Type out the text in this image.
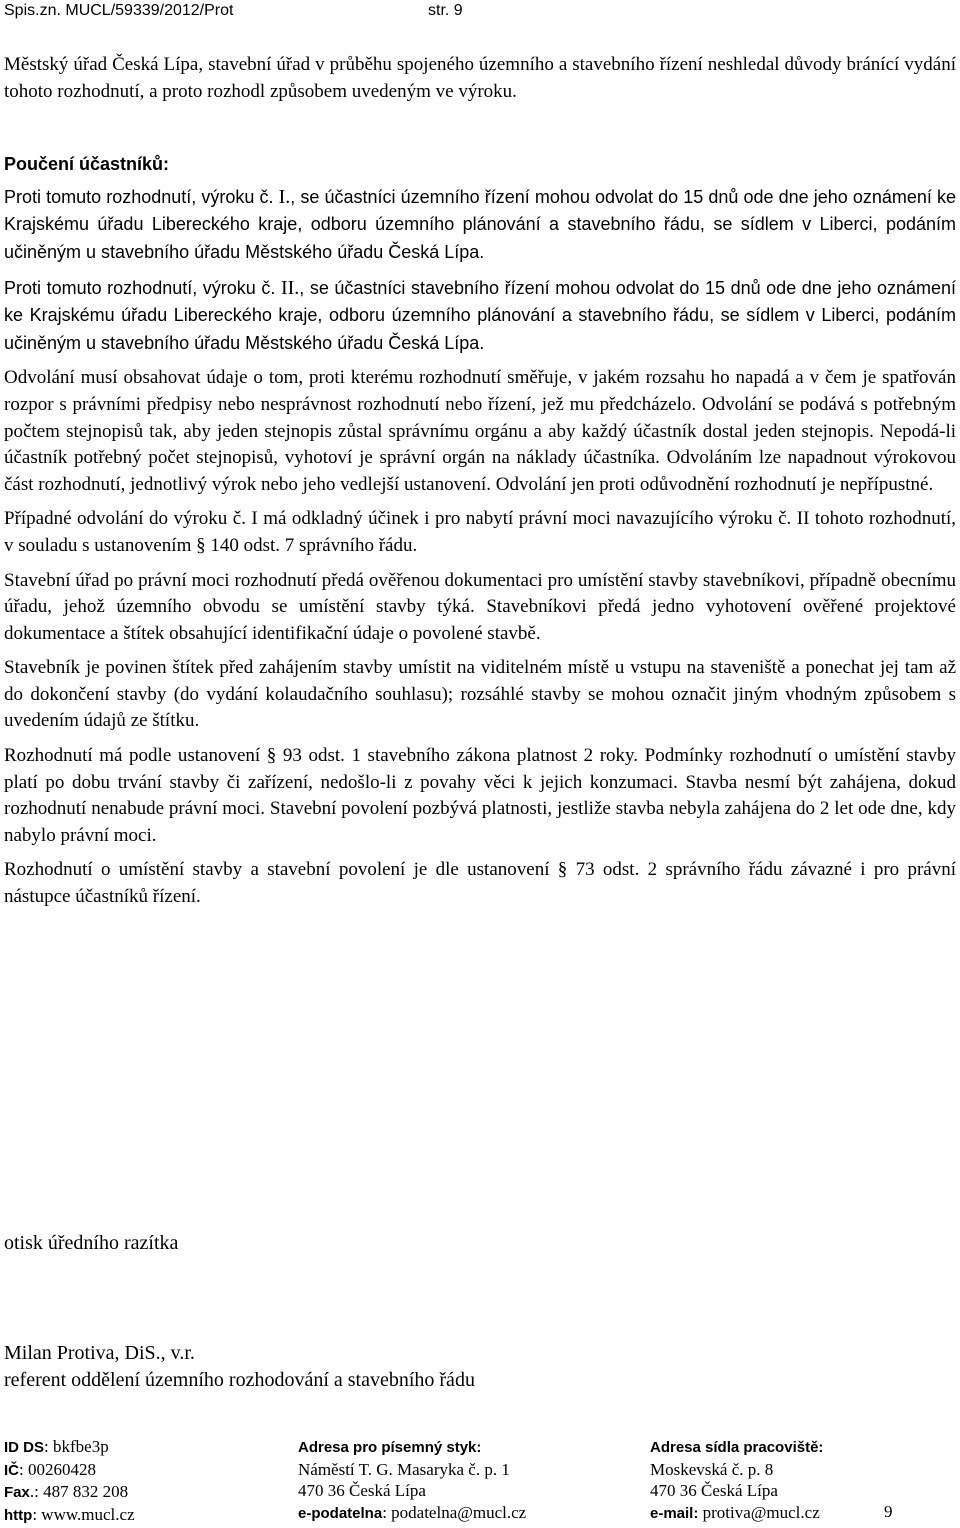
Spis.zn. MUCL/59339/2012/Prot	str. 9

Městský úřad Česká Lípa, stavební úřad v průběhu spojeného územního a stavebního řízení neshledal důvody bránící vydání tohoto rozhodnutí, a proto rozhodl způsobem uvedeným ve výroku.

Poučení účastníků:

Proti tomuto rozhodnutí, výroku č. I., se účastníci územního řízení mohou odvolat do 15 dnů ode dne jeho oznámení ke Krajskému úřadu Libereckého kraje, odboru územního plánování a stavebního řádu, se sídlem v Liberci, podáním učiněným u stavebního úřadu Městského úřadu Česká Lípa.

Proti tomuto rozhodnutí, výroku č. II., se účastníci stavebního řízení mohou odvolat do 15 dnů ode dne jeho oznámení ke Krajskému úřadu Libereckého kraje, odboru územního plánování a stavebního řádu, se sídlem v Liberci, podáním učiněným u stavebního úřadu Městského úřadu Česká Lípa.

Odvolání musí obsahovat údaje o tom, proti kterému rozhodnutí směřuje, v jakém rozsahu ho napadá a v čem je spatřován rozpor s právními předpisy nebo nesprávnost rozhodnutí nebo řízení, jež mu předcházelo. Odvolání se podává s potřebným počtem stejnopisů tak, aby jeden stejnopis zůstal správnímu orgánu a aby každý účastník dostal jeden stejnopis. Nepodá-li účastník potřebný počet stejnopisů, vyhotoví je správní orgán na náklady účastníka. Odvoláním lze napadnout výrokovou část rozhodnutí, jednotlivý výrok nebo jeho vedlejší ustanovení. Odvolání jen proti odůvodnění rozhodnutí je nepřípustné.

Případné odvolání do výroku č. I má odkladný účinek i pro nabytí právní moci navazujícího výroku č. II tohoto rozhodnutí, v souladu s ustanovením § 140 odst. 7 správního řádu.

Stavební úřad po právní moci rozhodnutí předá ověřenou dokumentaci pro umístění stavby stavebníkovi, případně obecnímu úřadu, jehož územního obvodu se umístění stavby týká. Stavebníkovi předá jedno vyhotovení ověřené projektové dokumentace a štítek obsahující identifikační údaje o povolené stavbě.

Stavebník je povinen štítek před zahájením stavby umístit na viditelném místě u vstupu na staveniště a ponechat jej tam až do dokončení stavby (do vydání kolaudačního souhlasu); rozsáhlé stavby se mohou označit jiným vhodným způsobem s uvedením údajů ze štítku.

Rozhodnutí má podle ustanovení § 93 odst. 1 stavebního zákona platnost 2 roky. Podmínky rozhodnutí o umístění stavby platí po dobu trvání stavby či zařízení, nedošlo-li z povahy věci k jejich konzumaci. Stavba nesmí být zahájena, dokud rozhodnutí nenabude právní moci. Stavební povolení pozbývá platnosti, jestliže stavba nebyla zahájena do 2 let ode dne, kdy nabylo právní moci.

Rozhodnutí o umístění stavby a stavební povolení je dle ustanovení § 73 odst. 2 správního řádu závazné i pro právní nástupce účastníků řízení.

otisk úředního razítka
Milan Protiva, DiS., v.r.
referent oddělení územního rozhodování a stavebního řádu
ID DS: bkfbe3p
IČ: 00260428
Fax.: 487 832 208
http: www.mucl.cz
Adresa pro písemný styk:
Náměstí T. G. Masaryka č. p. 1
470 36 Česká Lípa
e-podatelna: podatelna@mucl.cz
Adresa sídla pracoviště:
Moskevská č. p. 8
470 36 Česká Lípa
e-mail: protiva@mucl.cz	9
